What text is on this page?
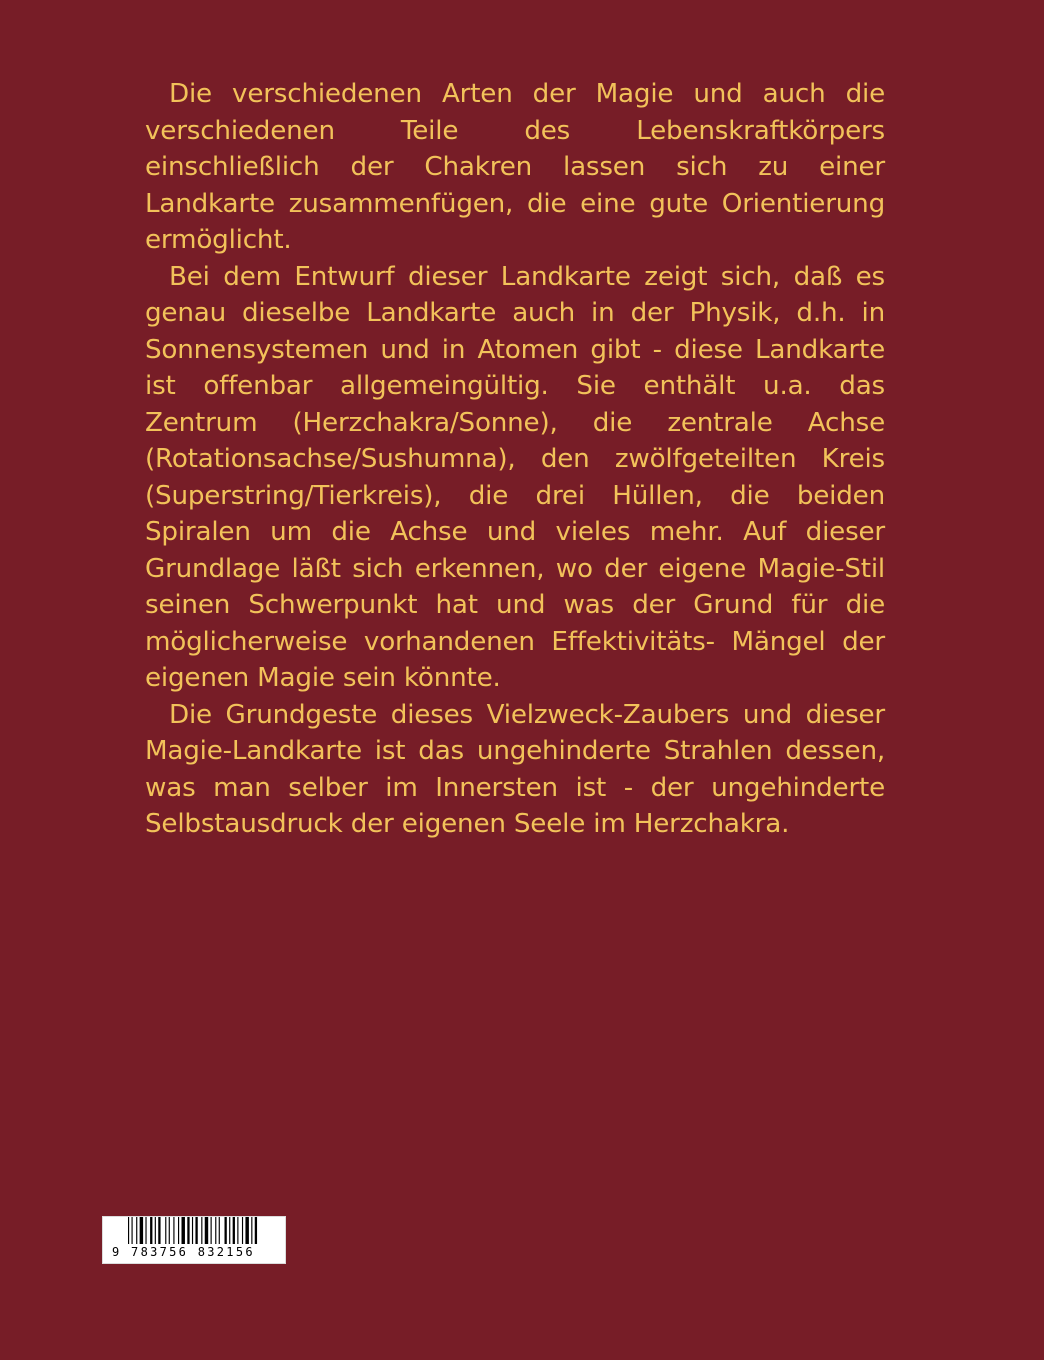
Die verschiedenen Arten der Magie und auch die verschiedenen Teile des Lebenskraftkörpers einschließlich der Chakren lassen sich zu einer Landkarte zusammenfügen, die eine gute Orientierung ermöglicht.

Bei dem Entwurf dieser Landkarte zeigt sich, daß es genau dieselbe Landkarte auch in der Physik, d.h. in Sonnensystemen und in Atomen gibt - diese Landkarte ist offenbar allgemeingültig. Sie enthält u.a. das Zentrum (Herzchakra/Sonne), die zentrale Achse (Rotationsachse/Sushumna), den zwölfgeteilten Kreis (Superstring/Tierkreis), die drei Hüllen, die beiden Spiralen um die Achse und vieles mehr. Auf dieser Grundlage läßt sich erkennen, wo der eigene Magie-Stil seinen Schwerpunkt hat und was der Grund für die möglicherweise vorhandenen Effektivitäts- Mängel der eigenen Magie sein könnte.

Die Grundgeste dieses Vielzweck-Zaubers und dieser Magie-Landkarte ist das ungehinderte Strahlen dessen, was man selber im Innersten ist - der ungehinderte Selbstausdruck der eigenen Seele im Herzchakra.

9 783756 832156
